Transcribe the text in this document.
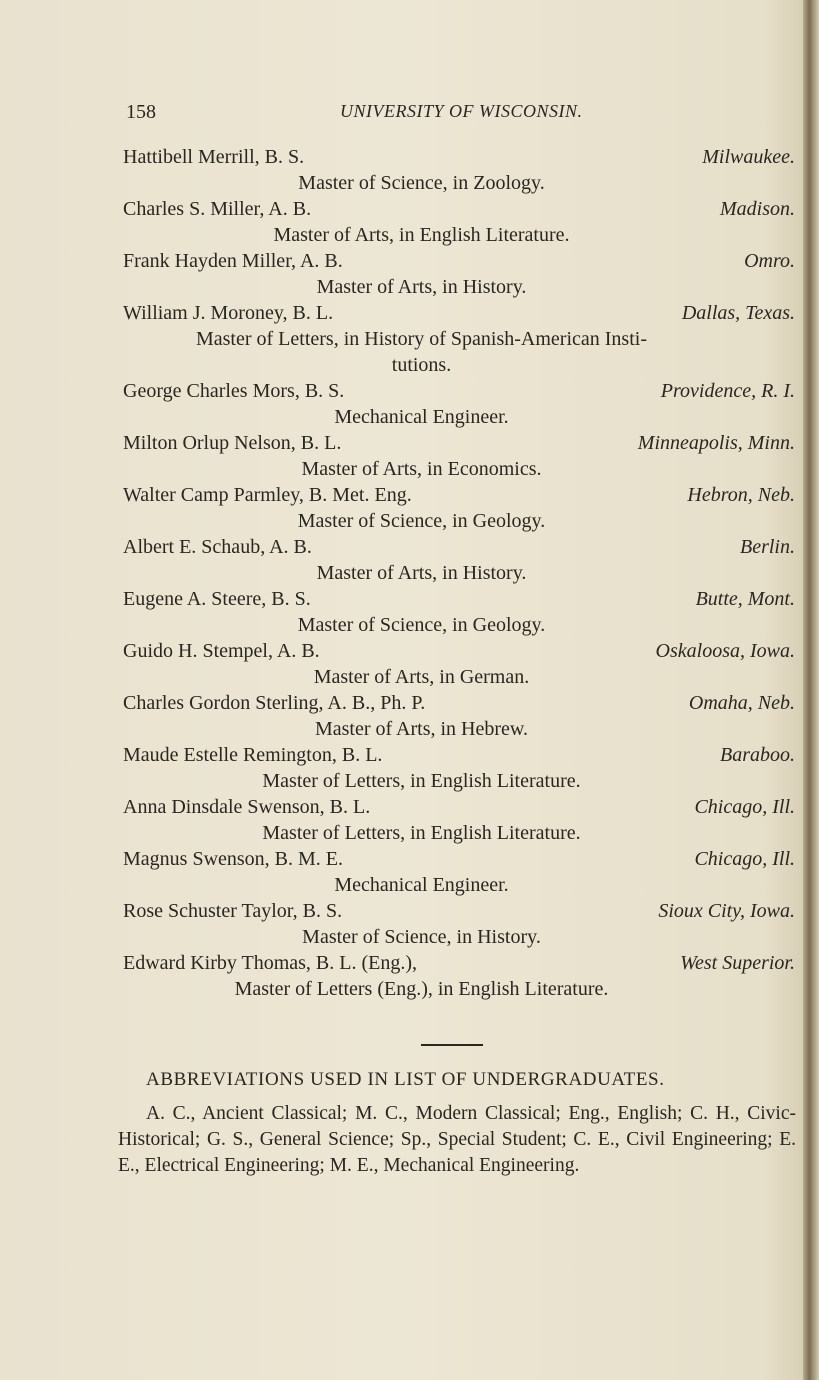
158	UNIVERSITY OF WISCONSIN.
Hattibell Merrill, B. S.	Milwaukee.
Master of Science, in Zoology.
Charles S. Miller, A. B.	Madison.
Master of Arts, in English Literature.
Frank Hayden Miller, A. B.	Omro.
Master of Arts, in History.
William J. Moroney, B. L.	Dallas, Texas.
Master of Letters, in History of Spanish-American Insti-
tutions.
George Charles Mors, B. S.	Providence, R. I.
Mechanical Engineer.
Milton Orlup Nelson, B. L.	Minneapolis, Minn.
Master of Arts, in Economics.
Walter Camp Parmley, B. Met. Eng.	Hebron, Neb.
Master of Science, in Geology.
Albert E. Schaub, A. B.	Berlin.
Master of Arts, in History.
Eugene A. Steere, B. S.	Butte, Mont.
Master of Science, in Geology.
Guido H. Stempel, A. B.	Oskaloosa, Iowa.
Master of Arts, in German.
Charles Gordon Sterling, A. B., Ph. P.	Omaha, Neb.
Master of Arts, in Hebrew.
Maude Estelle Remington, B. L.	Baraboo.
Master of Letters, in English Literature.
Anna Dinsdale Swenson, B. L.	Chicago, Ill.
Master of Letters, in English Literature.
Magnus Swenson, B. M. E.	Chicago, Ill.
Mechanical Engineer.
Rose Schuster Taylor, B. S.	Sioux City, Iowa.
Master of Science, in History.
Edward Kirby Thomas, B. L. (Eng.),	West Superior.
Master of Letters (Eng.), in English Literature.
ABBREVIATIONS USED IN LIST OF UNDERGRADUATES.

A. C., Ancient Classical; M. C., Modern Classical; Eng., English; C. H., Civic-Historical; G. S., General Science; Sp., Special Student; C. E., Civil Engineering; E. E., Electrical Engineering; M. E., Mechanical Engineering.
